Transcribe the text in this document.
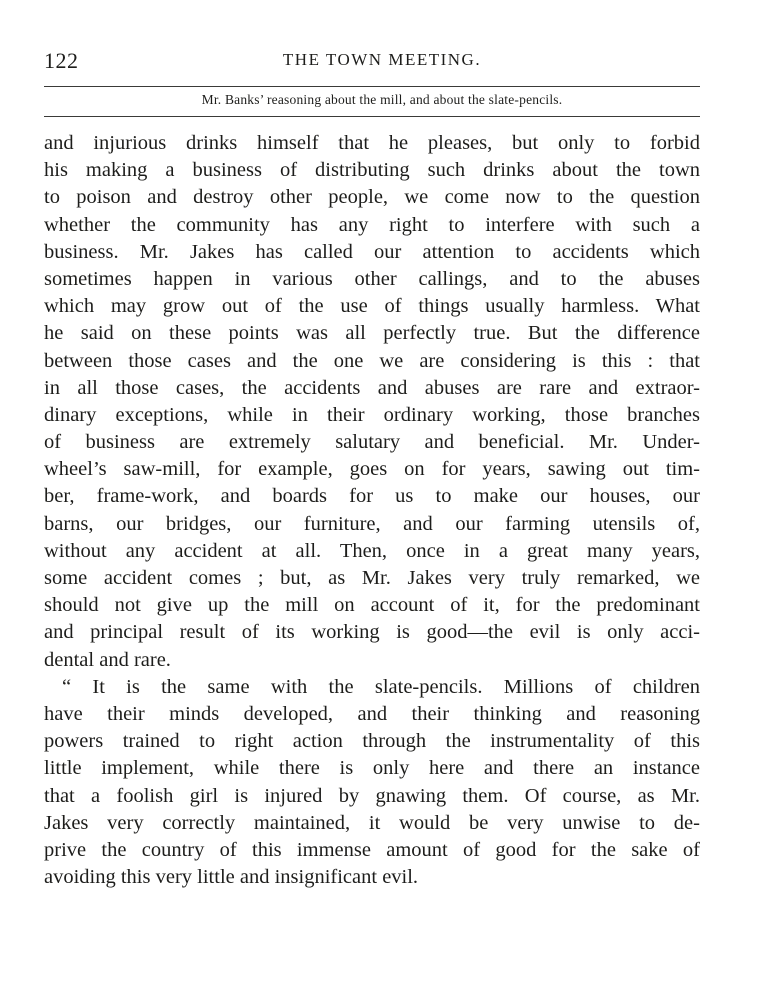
122	THE TOWN MEETING.
Mr. Banks’ reasoning about the mill, and about the slate-pencils.
and injurious drinks himself that he pleases, but only to forbid
his making a business of distributing such drinks about the town
to poison and destroy other people, we come now to the question
whether the community has any right to interfere with such a
business. Mr. Jakes has called our attention to accidents which
sometimes happen in various other callings, and to the abuses
which may grow out of the use of things usually harmless. What
he said on these points was all perfectly true. But the difference
between those cases and the one we are considering is this : that
in all those cases, the accidents and abuses are rare and extraor-
dinary exceptions, while in their ordinary working, those branches
of business are extremely salutary and beneficial. Mr. Under-
wheel’s saw-mill, for example, goes on for years, sawing out tim-
ber, frame-work, and boards for us to make our houses, our
barns, our bridges, our furniture, and our farming utensils of,
without any accident at all. Then, once in a great many years,
some accident comes ; but, as Mr. Jakes very truly remarked, we
should not give up the mill on account of it, for the predominant
and principal result of its working is good—the evil is only acci-
dental and rare.
“ It is the same with the slate-pencils. Millions of children
have their minds developed, and their thinking and reasoning
powers trained to right action through the instrumentality of this
little implement, while there is only here and there an instance
that a foolish girl is injured by gnawing them. Of course, as Mr.
Jakes very correctly maintained, it would be very unwise to de-
prive the country of this immense amount of good for the sake of
avoiding this very little and insignificant evil.
